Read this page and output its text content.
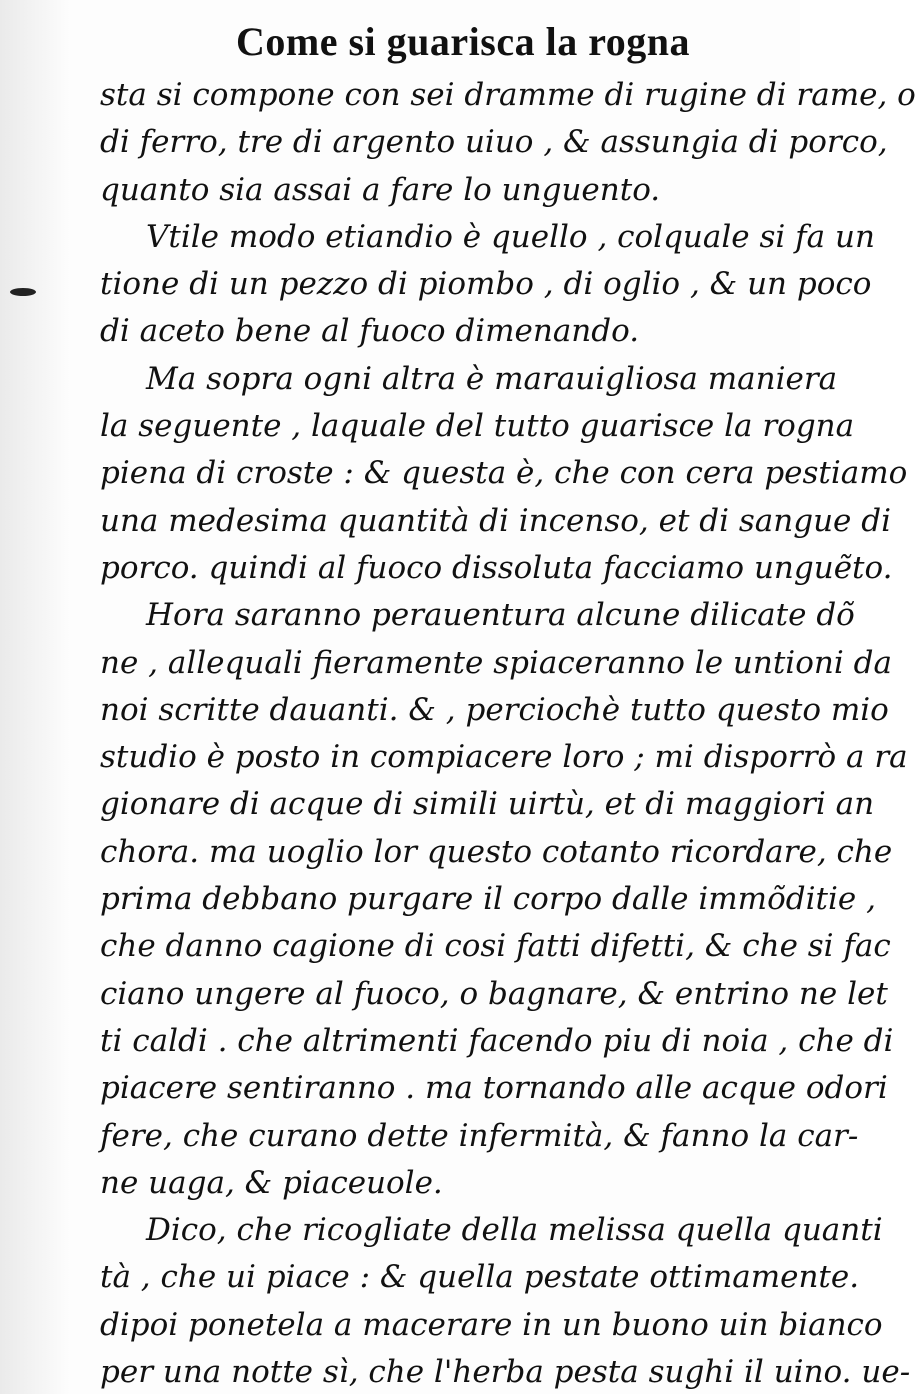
Come si guarisca la rogna
sta si compone con sei dramme di rugine di rame, o
di ferro, tre di argento uiuo , & assungia di porco,
quanto sia assai a fare lo unguento.
Vtile modo etiandio è quello , colquale si fa un
tione di un pezzo di piombo , di oglio , & un poco
di aceto bene al fuoco dimenando.
Ma sopra ogni altra è marauigliosa maniera
la seguente , laquale del tutto guarisce la rogna
piena di croste : & questa è, che con cera pestiamo
una medesima quantità di incenso, et di sangue di
porco. quindi al fuoco dissoluta facciamo unguẽto.
Hora saranno perauentura alcune dilicate dõ
ne , allequali fieramente spiaceranno le untioni da
noi scritte dauanti. & , perciochè tutto questo mio
studio è posto in compiacere loro ; mi disporrò a ra
gionare di acque di simili uirtù, et di maggiori an
chora. ma uoglio lor questo cotanto ricordare, che
prima debbano purgare il corpo dalle immõditie ,
che danno cagione di cosi fatti difetti, & che si fac
ciano ungere al fuoco, o bagnare, & entrino ne let
ti caldi . che altrimenti facendo piu di noia , che di
piacere sentiranno . ma tornando alle acque odori
fere, che curano dette infermità, & fanno la car-
ne uaga, & piaceuole.
Dico, che ricogliate della melissa quella quanti
tà , che ui piace : & quella pestate ottimamente.
dipoi ponetela a macerare in un buono uin bianco
per una notte sì, che l'herba pesta sughi il uino. ue-
